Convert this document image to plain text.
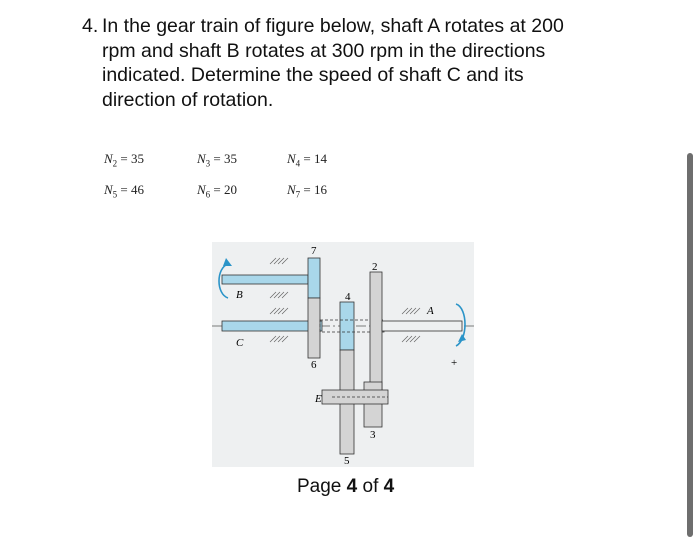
4. In the gear train of figure below, shaft A rotates at 200
rpm and shaft B rotates at 300 rpm in the directions
indicated. Determine the speed of shaft C and its
direction of rotation.
$N_2 = 35$	$N_3 = 35$	$N_4 = 14$
$N_5 = 46$	$N_6 = 20$	$N_7 = 16$
7
2
4
6
3
5
A
B
C
E
+
Page 4 of 4
